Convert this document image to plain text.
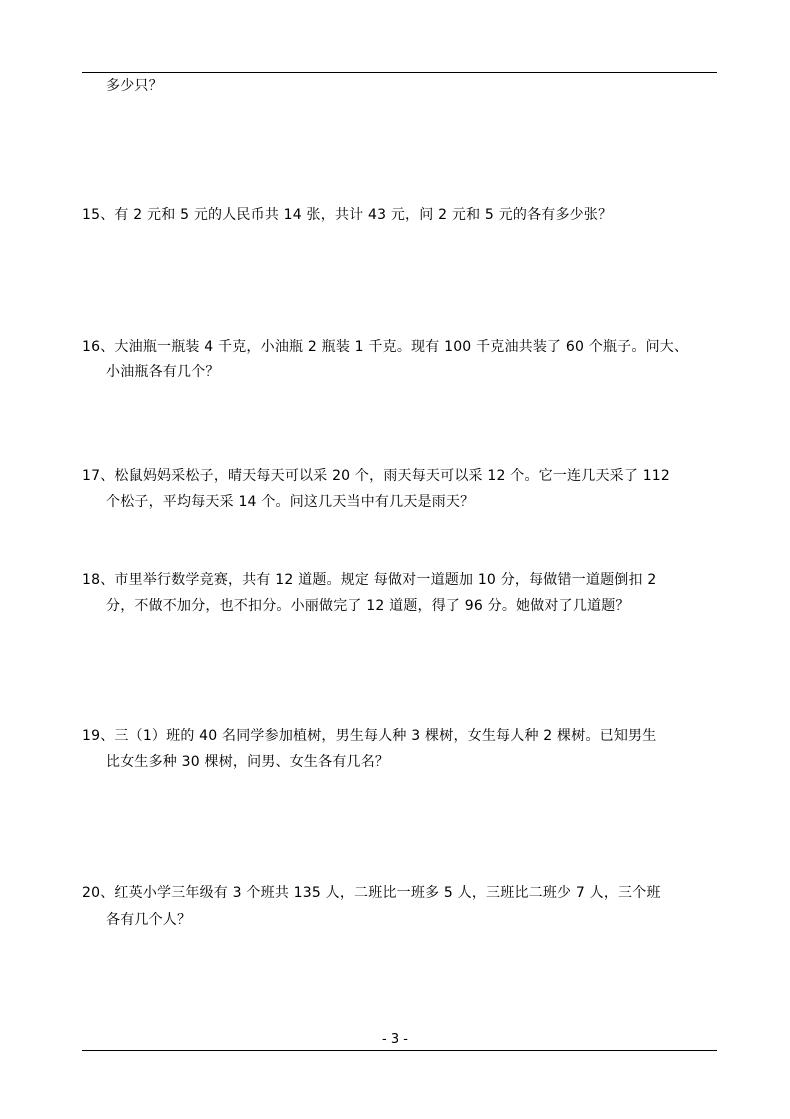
多少只？
15、有 2 元和 5 元的人民币共 14 张，共计 43 元，问 2 元和 5 元的各有多少张？
16、大油瓶一瓶装 4 千克，小油瓶 2 瓶装 1 千克。现有 100 千克油共装了 60 个瓶子。问大、
小油瓶各有几个？
17、松鼠妈妈采松子，晴天每天可以采 20 个，雨天每天可以采 12 个。它一连几天采了 112
个松子，平均每天采 14 个。问这几天当中有几天是雨天？
18、市里举行数学竞赛，共有 12 道题。规定 每做对一道题加 10 分，每做错一道题倒扣 2
分，不做不加分，也不扣分。小丽做完了 12 道题，得了 96 分。她做对了几道题？
19、三（1）班的 40 名同学参加植树，男生每人种 3 棵树，女生每人种 2 棵树。已知男生
比女生多种 30 棵树，问男、女生各有几名？
20、红英小学三年级有 3 个班共 135 人，二班比一班多 5 人，三班比二班少 7 人，三个班
各有几个人？
- 3 -
